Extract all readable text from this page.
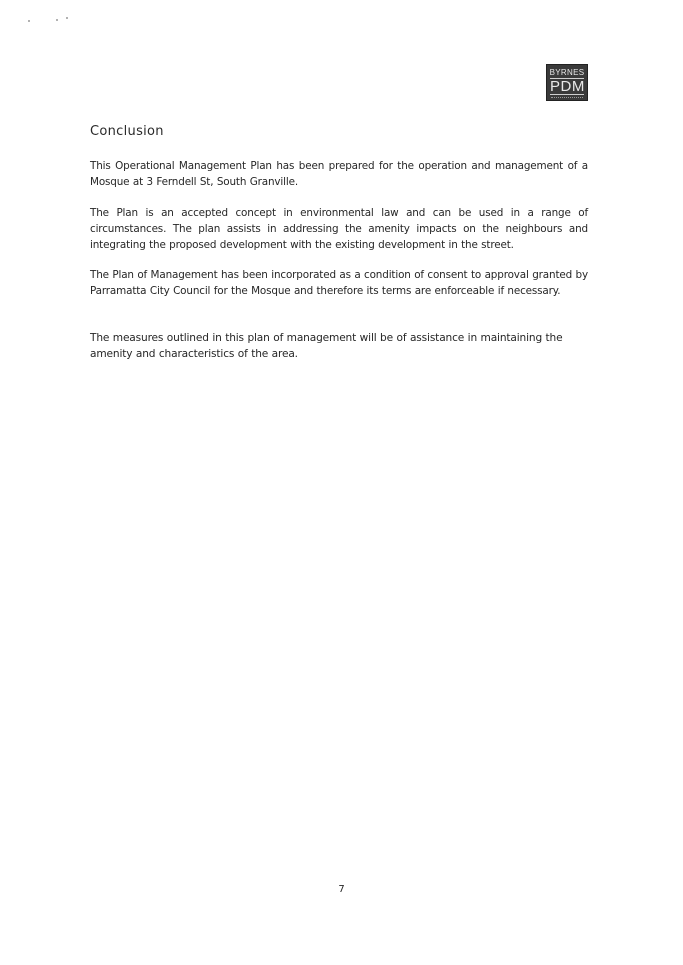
BYRNES
PDM
Conclusion

This Operational Management Plan has been prepared for the operation and management of a Mosque at 3 Ferndell St, South Granville.

The Plan is an accepted concept in environmental law and can be used in a range of circumstances. The plan assists in addressing the amenity impacts on the neighbours and integrating the proposed development with the existing development in the street.

The Plan of Management has been incorporated as a condition of consent to approval granted by Parramatta City Council for the Mosque and therefore its terms are enforceable if necessary.

The measures outlined in this plan of management will be of assistance in maintaining the amenity and characteristics of the area.

7
